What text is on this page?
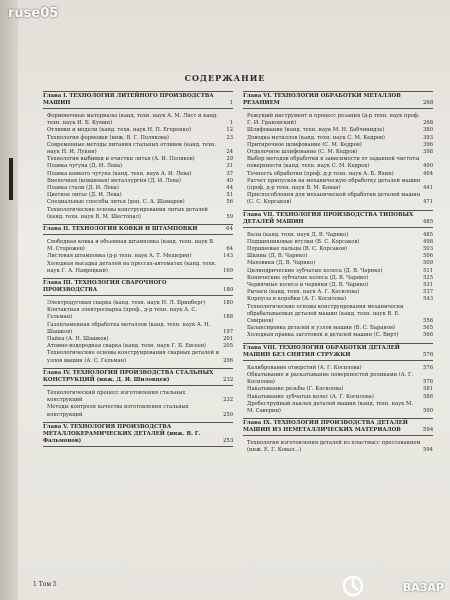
ruse05
СОДЕРЖАНИЕ
Глава I. ТЕХНОЛОГИЯ ЛИТЕЙНОГО ПРОИЗВОДСТВА МАШИН	1
Формовочные материалы (канд. техн. наук А. М. Лясс и канд. техн. наук И. Б. Кумин)	1
Отливки и модели (канд. техн. наук Н. П. Егоренко)	12
Технология формовки (инж. В. Г. Полякова)	23
Современные методы питания стальных отливок (канд. техн. наук Н. И. Лукин)	24
Технология выбивки и очистки литья (А. И. Поляков)	29
Плавка чугуна (Д. И. Лева)	31
Плавка ковкого чугуна (канд. техн. наук А. И. Лева)	37
Внепечная (ковшевая) металлургия (Д. И. Лева)	40
Плавка стали (Д. И. Лева)	44
Цветное литье (Д. И. Лева)	51
Специальные способы литья (доц. С. А. Шамаров)	56
Технологические основы конструирования литых деталей (канд. техн. наук В. М. Шестопал)	59
Глава II. ТЕХНОЛОГИЯ КОВКИ И ШТАМПОВКИ	64
Свободная ковка и объемная штамповка (канд. техн. наук В. М. Сторожев)	64
Листовая штамповка (д-р техн. наук А. Т. Мещерин)	143
Холодная высадка деталей на прессах-автоматах (канд. техн. наук Г. А. Навроцкий)	169
Глава III. ТЕХНОЛОГИЯ СВАРОЧНОГО ПРОИЗВОДСТВА	180
Электродуговая сварка (канд. техн. наук Н. Л. Бринберг)	180
Контактная электросварка (проф., д-р техн. наук А. С. Гельман)	188
Газопламенная обработка металлов (канд. техн. наук А. Н. Шашков)	197
Пайка (А. Н. Шашков)	201
Атомно-водородная сварка (канд. техн. наук Г. Б. Евсеев)	205
Технологические основы конструирования сварных деталей и узлов машин (А. С. Гельман)	206
Глава IV. ТЕХНОЛОГИЯ ПРОИЗВОДСТВА СТАЛЬНЫХ КОНСТРУКЦИЙ (инж. Д. И. Шиловцев)	232
Технологический процесс изготовления стальных конструкций	232
Методы контроля качества изготовления стальных конструкций	250
Глава V. ТЕХНОЛОГИЯ ПРОИЗВОДСТВА МЕТАЛЛОКЕРАМИЧЕСКИХ ДЕТАЛЕЙ (инж. В. Г. Фальмонов)	253
Глава VI. ТЕХНОЛОГИЯ ОБРАБОТКИ МЕТАЛЛОВ РЕЗАНИЕМ	268
Режущий инструмент и процесс резания (д-р техн. наук проф. Г. И. Грановский)	268
Шлифование (канд. техн. наук М. Н. Бабчинидзе)	380
Доводка металлов (канд. техн. наук С. М. Кедров)	393
Притирочное шлифование (С. М. Кедров)	396
Отделочное шлифование (С. М. Кедров)	398
Выбор методов обработки в зависимости от заданной чистоты поверхности (канд. техн. наук С. М. Кедров)	400
Точность обработки (проф. д-р техн. наук А. Б. Яхин)	404
Расчет припусков на механическую обработку деталей машин (проф. д-р техн. наук В. М. Кован)	441
Приспособления для механической обработки деталей машин (С. С. Корсаков)	471
Глава VII. ТЕХНОЛОГИЯ ПРОИЗВОДСТВА ТИПОВЫХ ДЕТАЛЕЙ МАШИН	485
Валы (канд. техн. наук Д. В. Чарнко)	485
Подшипниковые втулки (В. С. Корсаков)	498
Поршневые пальцы (В. С. Корсаков)	503
Шкивы (Д. В. Чарнко)	506
Маховики (Д. В. Чарнко)	509
Цилиндрические зубчатые колеса (Д. В. Чарнко)	511
Конические зубчатые колеса (Д. В. Чарнко)	525
Червячные колеса и червяки (Д. В. Чарнко)	531
Рычаги (канд. техн. наук А. Г. Косилова)	537
Корпусы и коробки (А. Г. Косилова)	543
Технологические основы конструирования механически обрабатываемых деталей машин (канд. техн. наук В. Е. Смирнов)	556
Балансировка деталей и узлов машин (В. С. Баранов)	565
Холодная правка заготовок и деталей машин (С. Вирт)	566
Глава VIII. ТЕХНОЛОГИЯ ОБРАБОТКИ ДЕТАЛЕЙ МАШИН БЕЗ СНЯТИЯ СТРУЖКИ	576
Калибрование отверстий (А. Г. Косилова)	576
Обкатывание и раскатывание поверхностей роликами (А. Г. Косилова)	578
Накатывание резьбы (Г. Косилова)	581
Накатывание зубчатых колес (А. Г. Косилова)	586
Дробеструйный наклеп деталей машин (канд. техн. наук М. М. Саверин)	590
Глава IX. ТЕХНОЛОГИЯ ПРОИЗВОДСТВА ДЕТАЛЕЙ МАШИН ИЗ НЕМЕТАЛЛИЧЕСКИХ МАТЕРИАЛОВ	594
Технология изготовления деталей из пластмасс прессованием (инж. Е. Г. Ковал...)	594
1 Том 5	ВАЗАР
